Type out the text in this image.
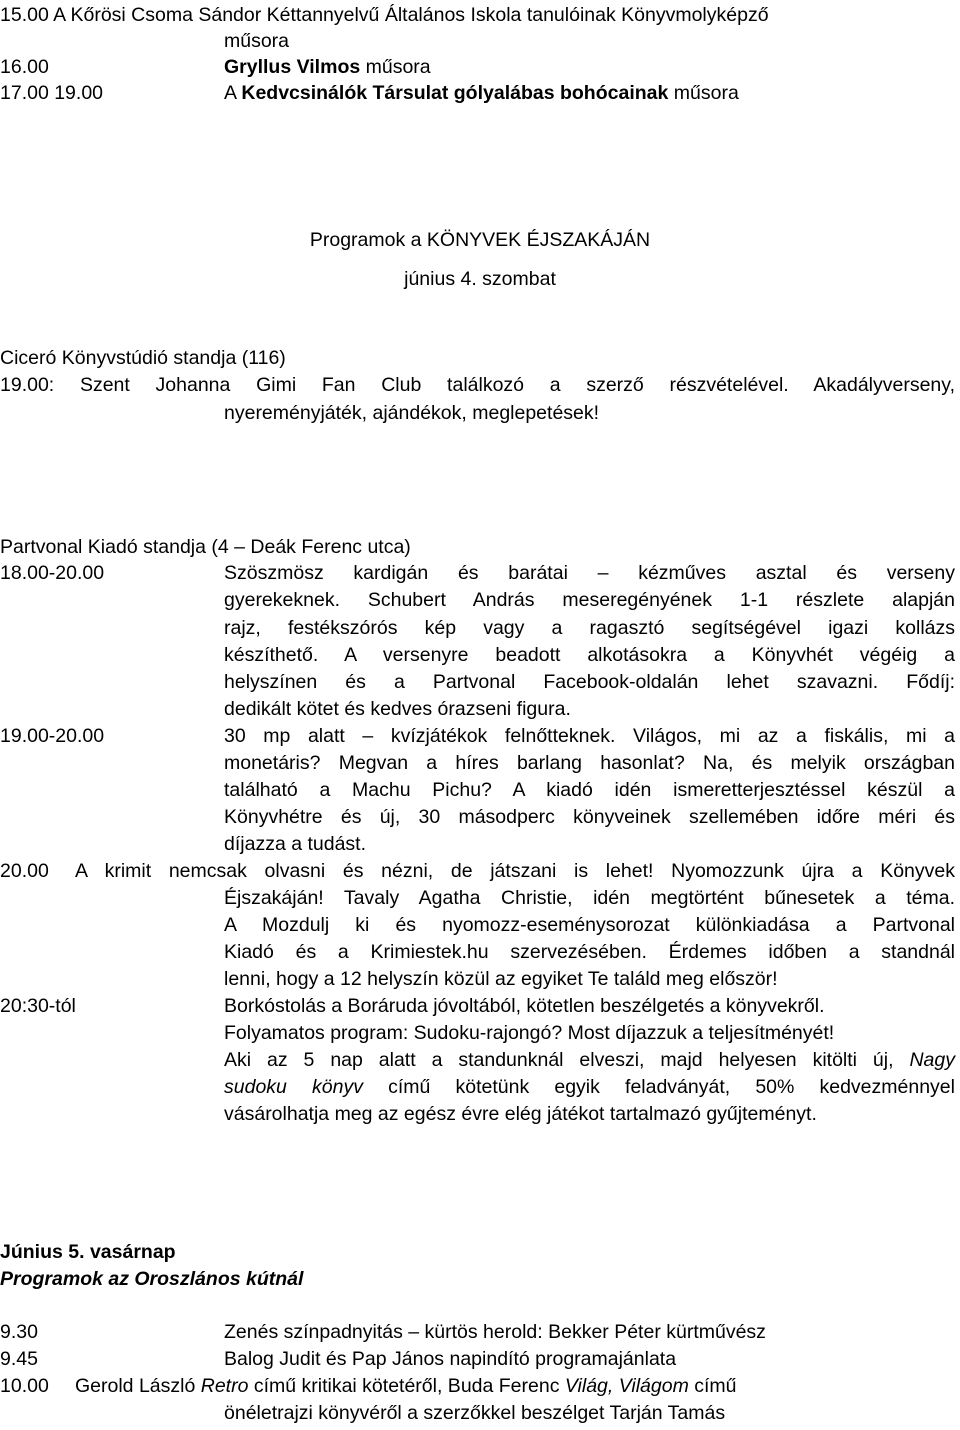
15.00 A Kőrösi Csoma Sándor Kéttannyelvű Általános Iskola tanulóinak Könyvmolyképző
műsora
16.00	Gryllus Vilmos műsora
17.00 19.00	A Kedvcsinálók Társulat gólyalábas bohócainak műsora
Programok a KÖNYVEK ÉJSZAKÁJÁN
június 4. szombat
Ciceró Könyvstúdió standja (116)
19.00: Szent Johanna Gimi Fan Club találkozó a szerző részvételével. Akadályverseny,
nyereményjáték, ajándékok, meglepetések!
Partvonal Kiadó standja (4 – Deák Ferenc utca)
18.00-20.00	Szöszmösz kardigán és barátai – kézműves asztal és verseny
gyerekeknek. Schubert András meseregényének 1-1 részlete alapján
rajz, festékszórós kép vagy a ragasztó segítségével igazi kollázs
készíthető. A versenyre beadott alkotásokra a Könyvhét végéig a
helyszínen és a Partvonal Facebook-oldalán lehet szavazni. Fődíj:
dedikált kötet és kedves órazseni figura.
19.00-20.00	30 mp alatt – kvízjátékok felnőtteknek. Világos, mi az a fiskális, mi a
monetáris? Megvan a híres barlang hasonlat? Na, és melyik országban
található a Machu Pichu? A kiadó idén ismeretterjesztéssel készül a
Könyvhétre és új, 30 másodperc könyveinek szellemében időre méri és
díjazza a tudást.
20.00 A krimit nemcsak olvasni és nézni, de játszani is lehet! Nyomozzunk újra a Könyvek
Éjszakáján! Tavaly Agatha Christie, idén megtörtént bűnesetek a téma.
A Mozdulj ki és nyomozz-eseménysorozat különkiadása a Partvonal
Kiadó és a Krimiestek.hu szervezésében. Érdemes időben a standnál
lenni, hogy a 12 helyszín közül az egyiket Te találd meg először!
20:30-tól	Borkóstolás a Boráruda jóvoltából, kötetlen beszélgetés a könyvekről.
Folyamatos program: Sudoku-rajongó? Most díjazzuk a teljesítményét!
Aki az 5 nap alatt a standunknál elveszi, majd helyesen kitölti új, Nagy
sudoku könyv című kötetünk egyik feladványát, 50% kedvezménnyel
vásárolhatja meg az egész évre elég játékot tartalmazó gyűjteményt.
Június 5. vasárnap
Programok az Oroszlános kútnál
9.30	Zenés színpadnyitás – kürtös herold: Bekker Péter kürtművész
9.45	Balog Judit és Pap János napindító programajánlata
10.00 Gerold László Retro című kritikai kötetéről, Buda Ferenc Világ, Világom című
önéletrajzi könyvéről a szerzőkkel beszélget Tarján Tamás
